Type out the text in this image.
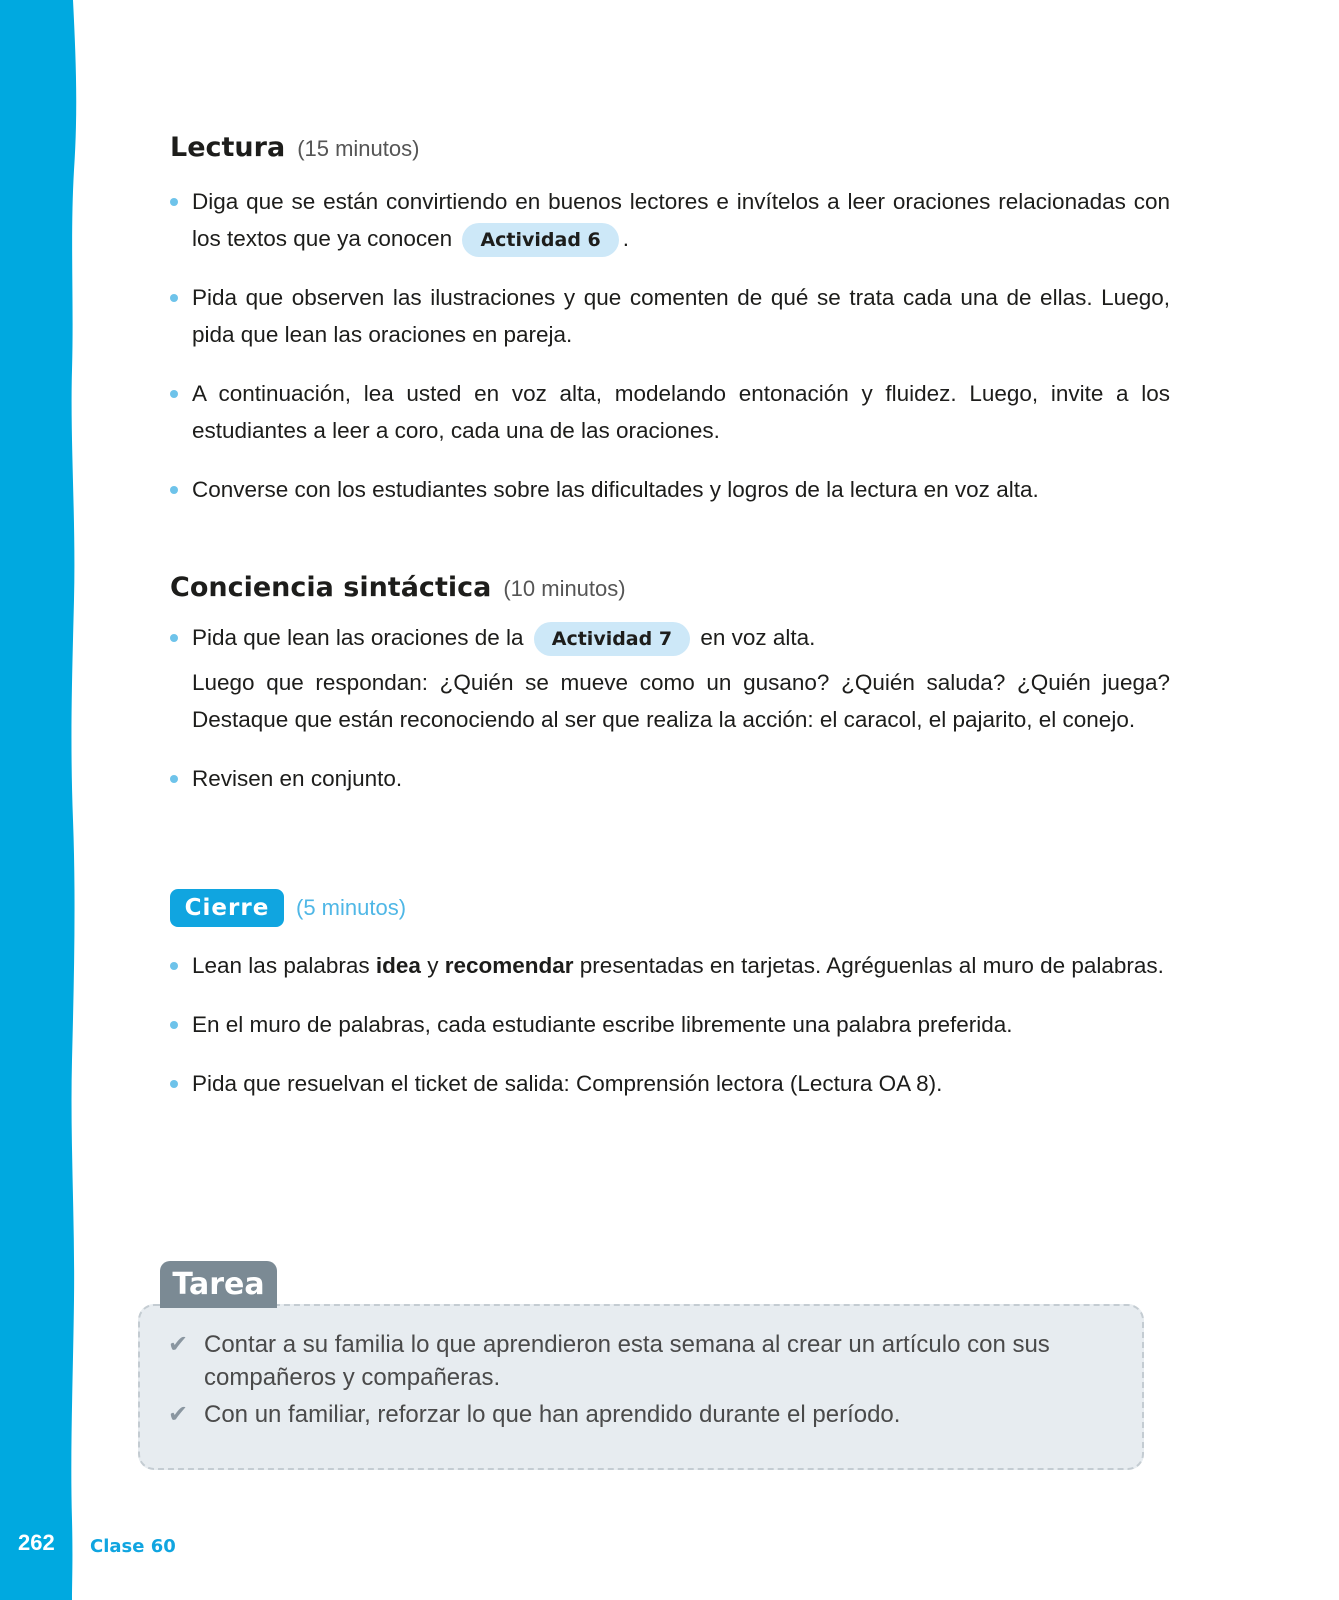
Lectura (15 minutos)
Diga que se están convirtiendo en buenos lectores e invítelos a leer oraciones relacionadas con los textos que ya conocen Actividad 6 .
Pida que observen las ilustraciones y que comenten de qué se trata cada una de ellas. Luego, pida que lean las oraciones en pareja.
A continuación, lea usted en voz alta, modelando entonación y fluidez. Luego, invite a los estudiantes a leer a coro, cada una de las oraciones.
Converse con los estudiantes sobre las dificultades y logros de la lectura en voz alta.
Conciencia sintáctica (10 minutos)
Pida que lean las oraciones de la Actividad 7 en voz alta.
Luego que respondan: ¿Quién se mueve como un gusano? ¿Quién saluda? ¿Quién juega? Destaque que están reconociendo al ser que realiza la acción: el caracol, el pajarito, el conejo.
Revisen en conjunto.
Cierre	(5 minutos)
Lean las palabras idea y recomendar presentadas en tarjetas. Agréguenlas al muro de palabras.
En el muro de palabras, cada estudiante escribe libremente una palabra preferida.
Pida que resuelvan el ticket de salida: Comprensión lectora (Lectura OA 8).
✔ Contar a su familia lo que aprendieron esta semana al crear un artículo con sus compañeros y compañeras.
✔ Con un familiar, reforzar lo que han aprendido durante el período.
Tarea
262 Clase 60
